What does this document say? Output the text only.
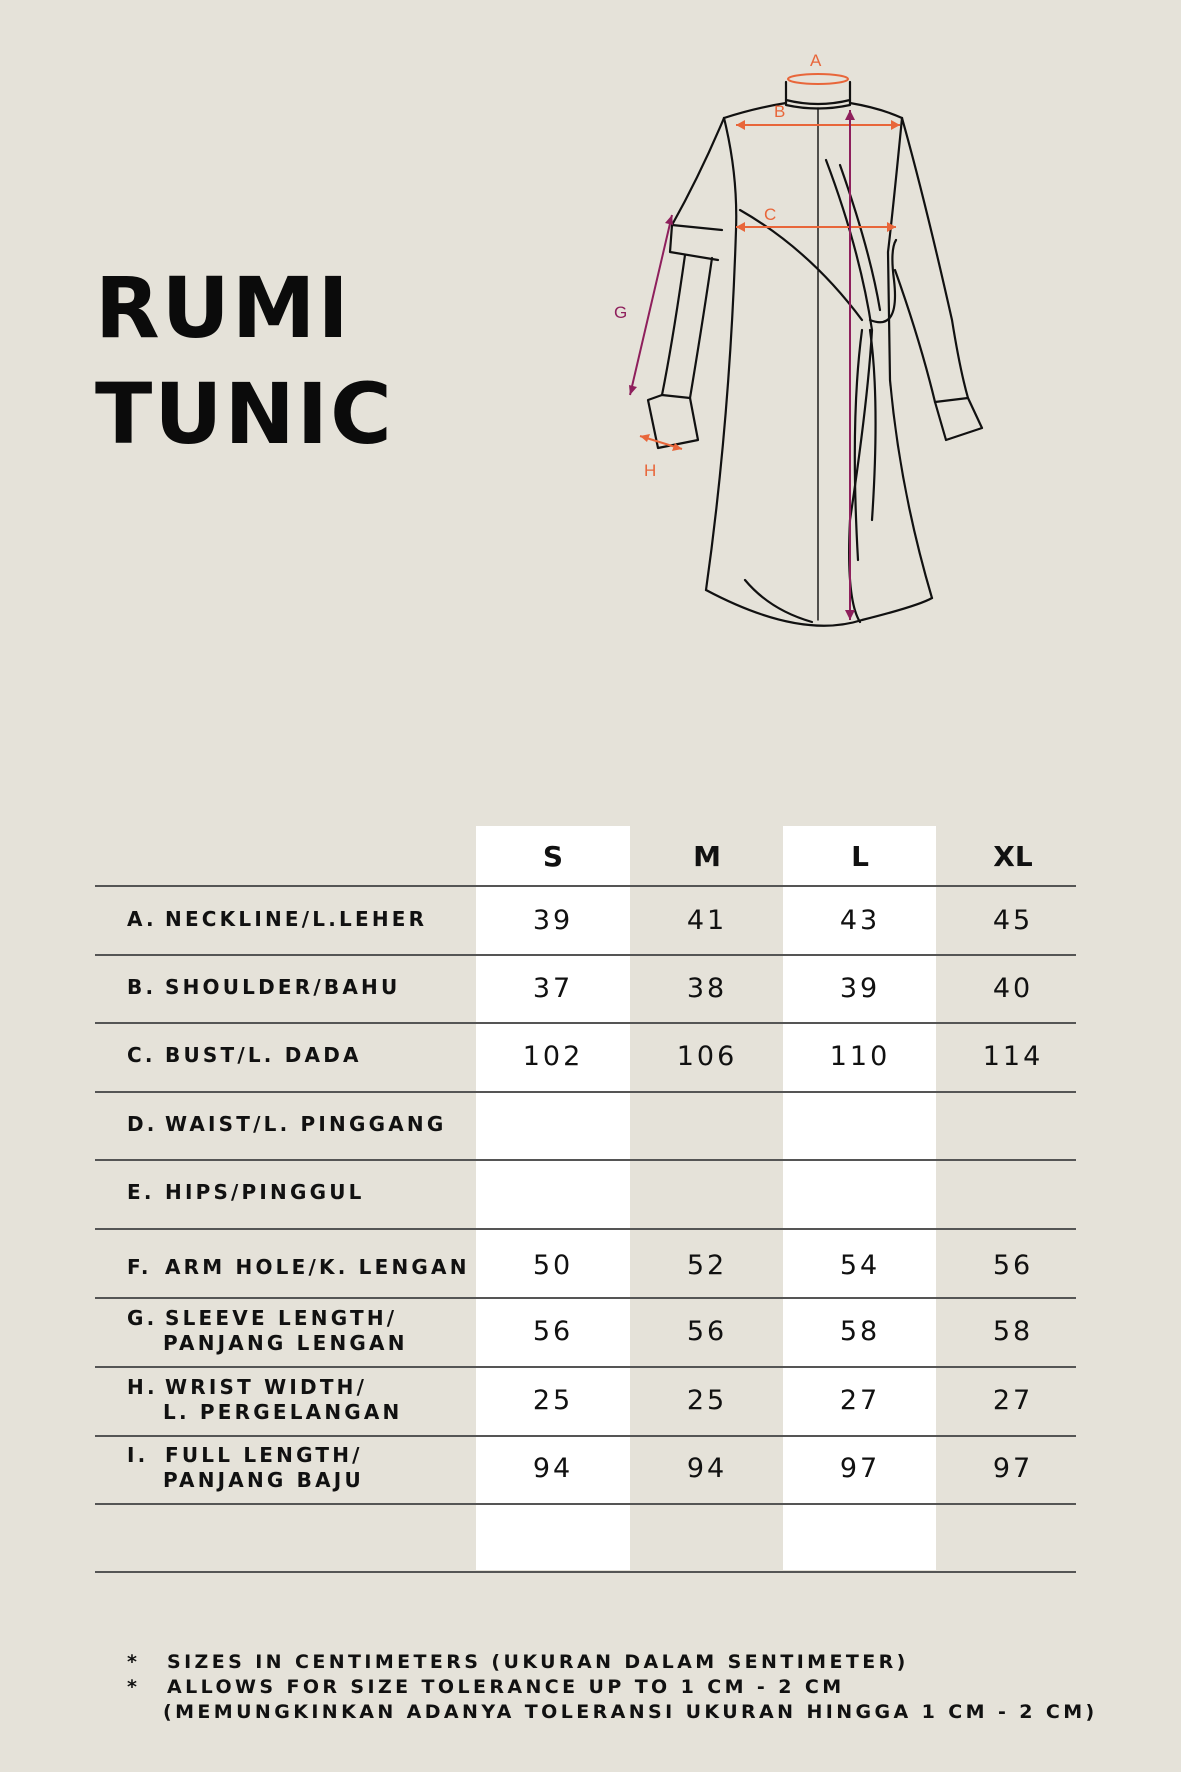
RUMI
TUNIC
A
B
C
G
H
S	M	L	XL
A. NECKLINE/L.LEHER	39	41	43	45
B. SHOULDER/BAHU	37	38	39	40
C. BUST/L. DADA	102	106	110	114
D. WAIST/L. PINGGANG
E. HIPS/PINGGUL
F. ARM HOLE/K. LENGAN	50	52	54	56
G. SLEEVE LENGTH/
PANJANG LENGAN	56	56	58	58
H. WRIST WIDTH/
L. PERGELANGAN	25	25	27	27
I. FULL LENGTH/
PANJANG BAJU	94	94	97	97
* SIZES IN CENTIMETERS (UKURAN DALAM SENTIMETER)
* ALLOWS FOR SIZE TOLERANCE UP TO 1 CM - 2 CM
(MEMUNGKINKAN ADANYA TOLERANSI UKURAN HINGGA 1 CM - 2 CM)
